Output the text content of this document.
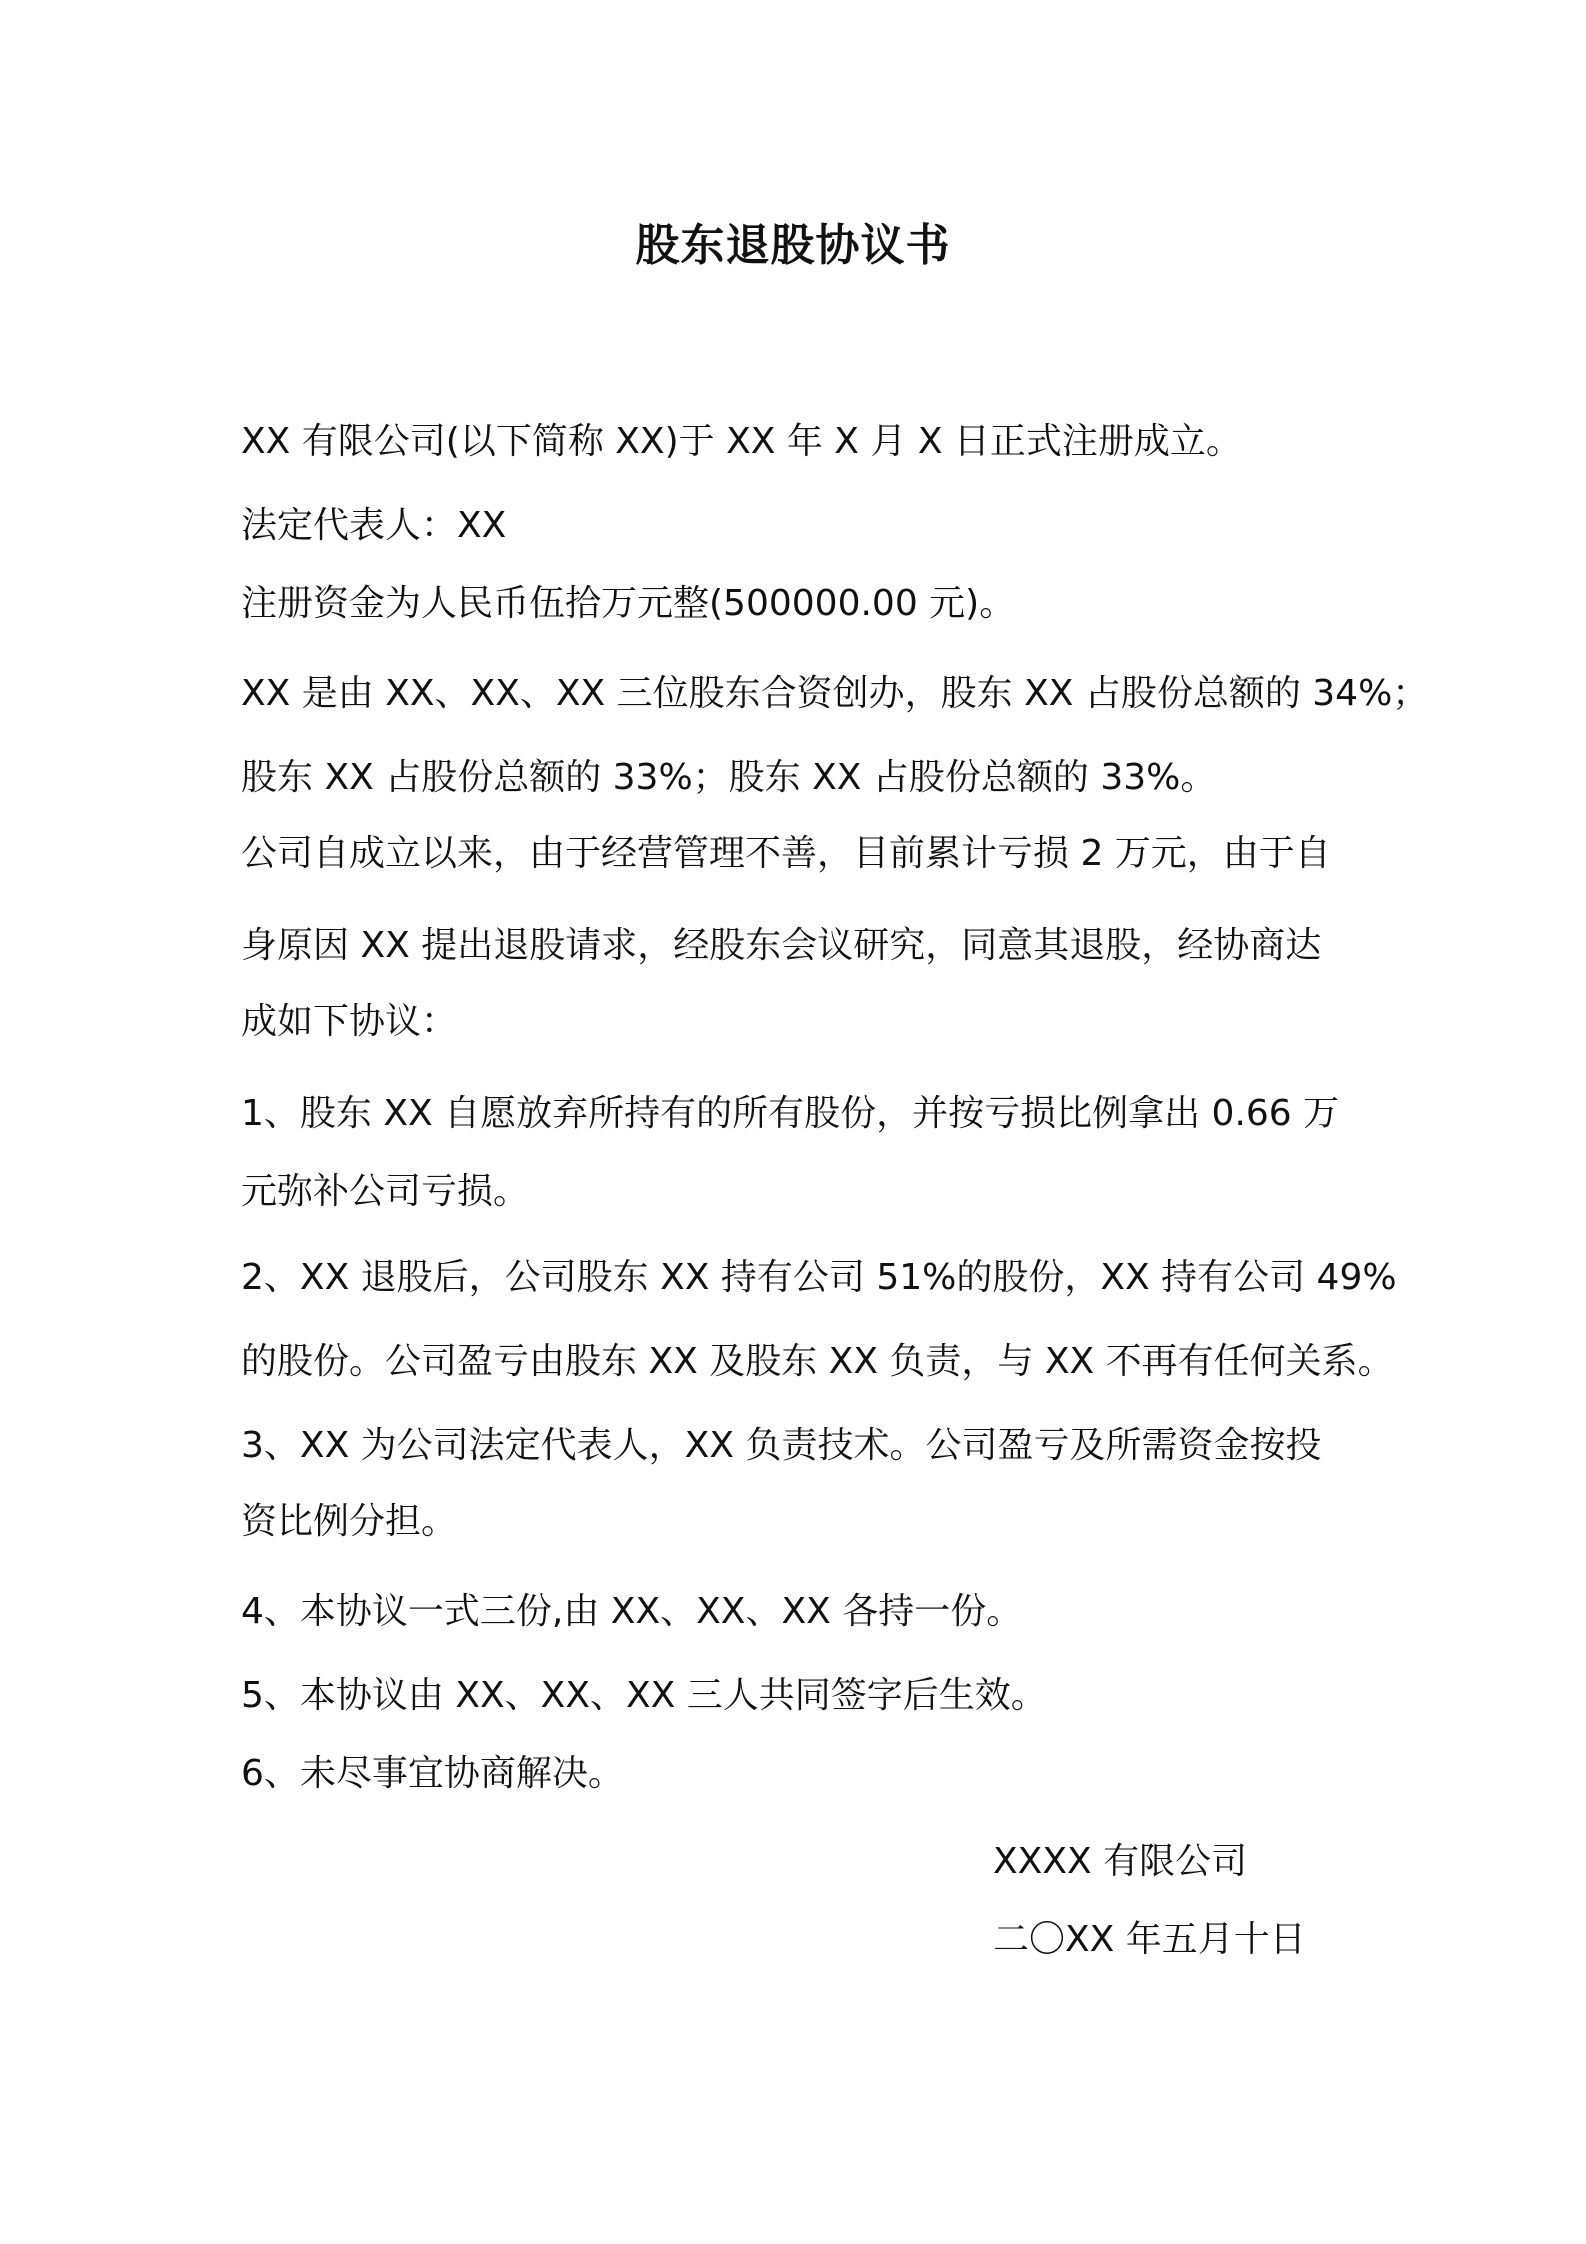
股东退股协议书
XX 有限公司(以下简称 XX)于 XX 年 X 月 X 日正式注册成立。
法定代表人：XX
注册资金为人民币伍拾万元整(500000.00 元)。
XX 是由 XX、XX、XX 三位股东合资创办，股东 XX 占股份总额的 34%；
股东 XX 占股份总额的 33%；股东 XX 占股份总额的 33%。
公司自成立以来，由于经营管理不善，目前累计亏损 2 万元，由于自
身原因 XX 提出退股请求，经股东会议研究，同意其退股，经协商达
成如下协议：
1、股东 XX 自愿放弃所持有的所有股份，并按亏损比例拿出 0.66 万
元弥补公司亏损。
2、XX 退股后，公司股东 XX 持有公司 51%的股份，XX 持有公司 49%
的股份。公司盈亏由股东 XX 及股东 XX 负责，与 XX 不再有任何关系。
3、XX 为公司法定代表人，XX 负责技术。公司盈亏及所需资金按投
资比例分担。
4、本协议一式三份,由 XX、XX、XX 各持一份。
5、本协议由 XX、XX、XX 三人共同签字后生效。
6、未尽事宜协商解决。
XXXX 有限公司
二〇XX 年五月十日
